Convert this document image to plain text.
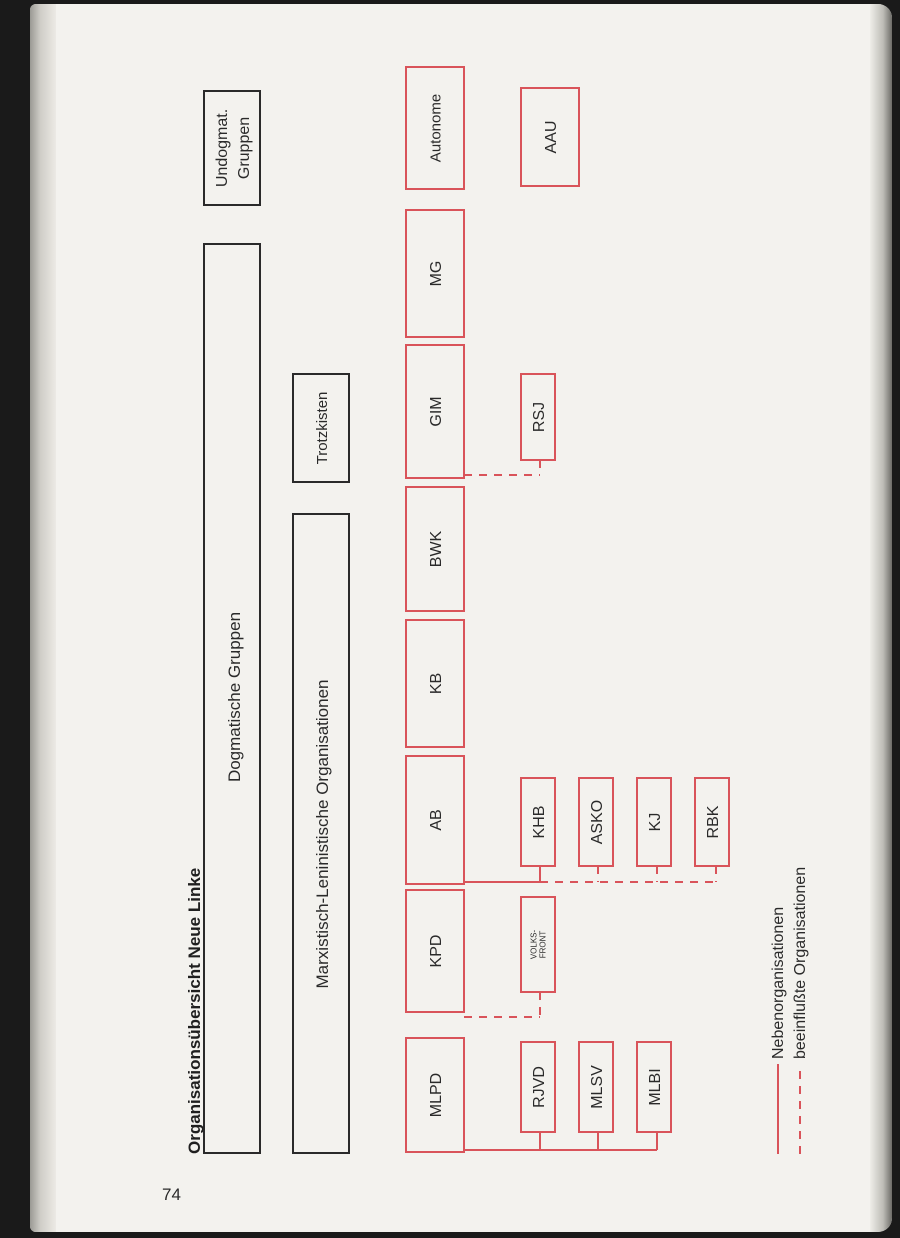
74
Organisationsübersicht Neue Linke
Dogmatische Gruppen
Undogmat. Gruppen
Marxistisch-Leninistische Organisationen
Trotzkisten
MLPD
KPD
AB
KB
BWK
GIM
MG
Autonome
RJVD	MLSV	MLBI
VOLKS- FRONT
KHB	ASKO	KJ	RBK
RSJ
AAU
Nebenorganisationen beeinflußte Organisationen
